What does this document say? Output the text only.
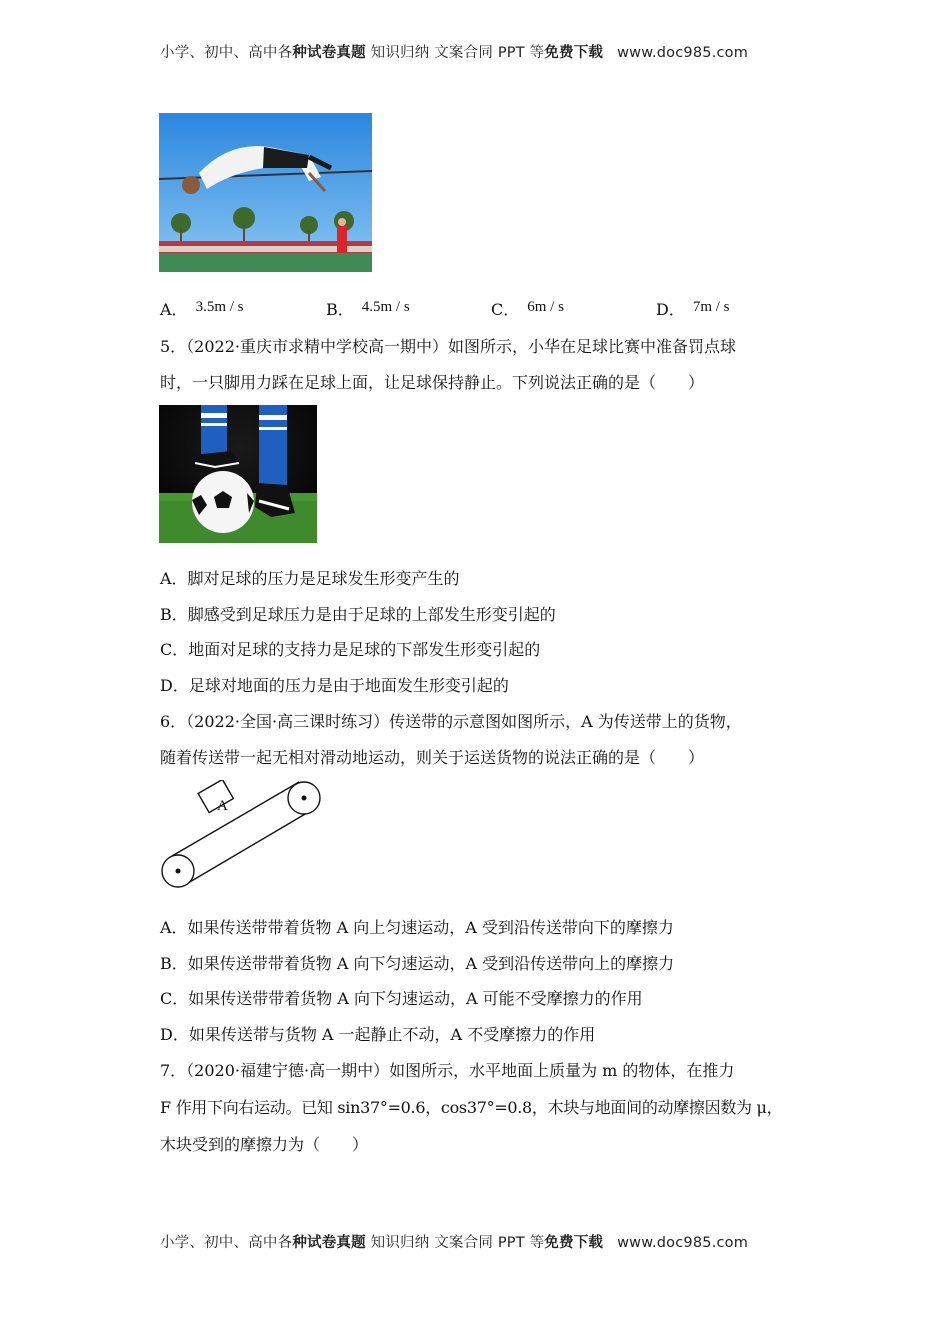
小学、初中、高中各种试卷真题 知识归纳 文案合同 PPT 等免费下载 www.doc985.com
A． 3.5m / s	B． 4.5m / s	C． 6m / s	D． 7m / s
5．（2022·重庆市求精中学校高一期中）如图所示，小华在足球比赛中准备罚点球
时，一只脚用力踩在足球上面，让足球保持静止。下列说法正确的是（　　）
A．脚对足球的压力是足球发生形变产生的
B．脚感受到足球压力是由于足球的上部发生形变引起的
C．地面对足球的支持力是足球的下部发生形变引起的
D．足球对地面的压力是由于地面发生形变引起的
6．（2022·全国·高三课时练习）传送带的示意图如图所示，A 为传送带上的货物，
随着传送带一起无相对滑动地运动，则关于运送货物的说法正确的是（　　）
A
A．如果传送带带着货物 A 向上匀速运动，A 受到沿传送带向下的摩擦力
B．如果传送带带着货物 A 向下匀速运动，A 受到沿传送带向上的摩擦力
C．如果传送带带着货物 A 向下匀速运动，A 可能不受摩擦力的作用
D．如果传送带与货物 A 一起静止不动，A 不受摩擦力的作用
7．（2020·福建宁德·高一期中）如图所示，水平地面上质量为 m 的物体，在推力
F 作用下向右运动。已知 sin37°=0.6，cos37°=0.8，木块与地面间的动摩擦因数为 μ，
木块受到的摩擦力为（　　）
小学、初中、高中各种试卷真题 知识归纳 文案合同 PPT 等免费下载 www.doc985.com
